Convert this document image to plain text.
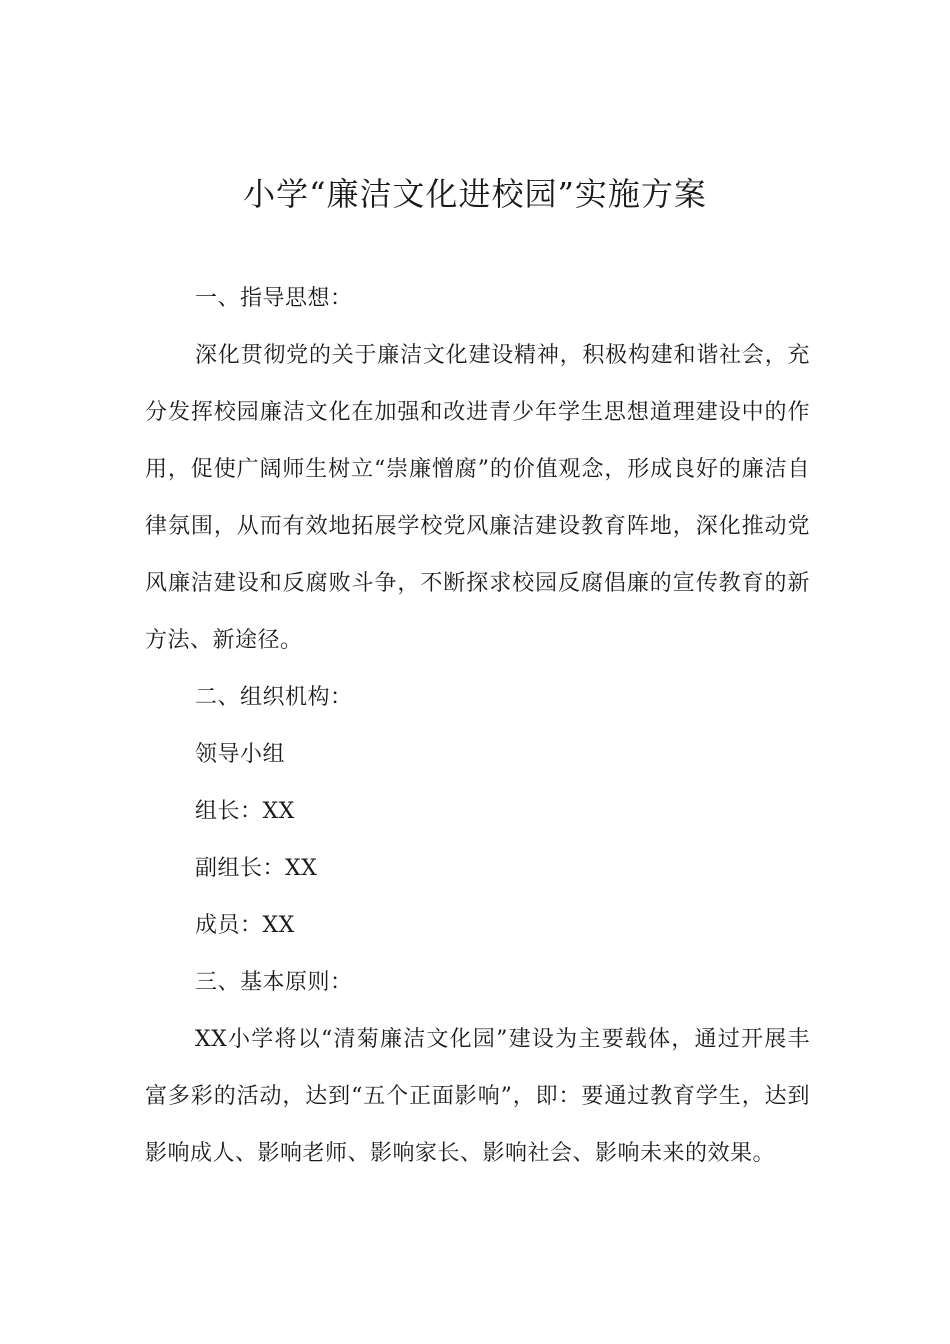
小学“廉洁文化进校园”实施方案

一、指导思想：

深化贯彻党的关于廉洁文化建设精神，积极构建和谐社会，充分发挥校园廉洁文化在加强和改进青少年学生思想道理建设中的作用，促使广阔师生树立“崇廉憎腐”的价值观念，形成良好的廉洁自律氛围，从而有效地拓展学校党风廉洁建设教育阵地，深化推动党风廉洁建设和反腐败斗争，不断探求校园反腐倡廉的宣传教育的新方法、新途径。

二、组织机构：

领导小组

组长：XX

副组长：XX

成员：XX

三、基本原则：

XX小学将以“清菊廉洁文化园”建设为主要载体，通过开展丰富多彩的活动，达到“五个正面影响”，即：要通过教育学生，达到影响成人、影响老师、影响家长、影响社会、影响未来的效果。
